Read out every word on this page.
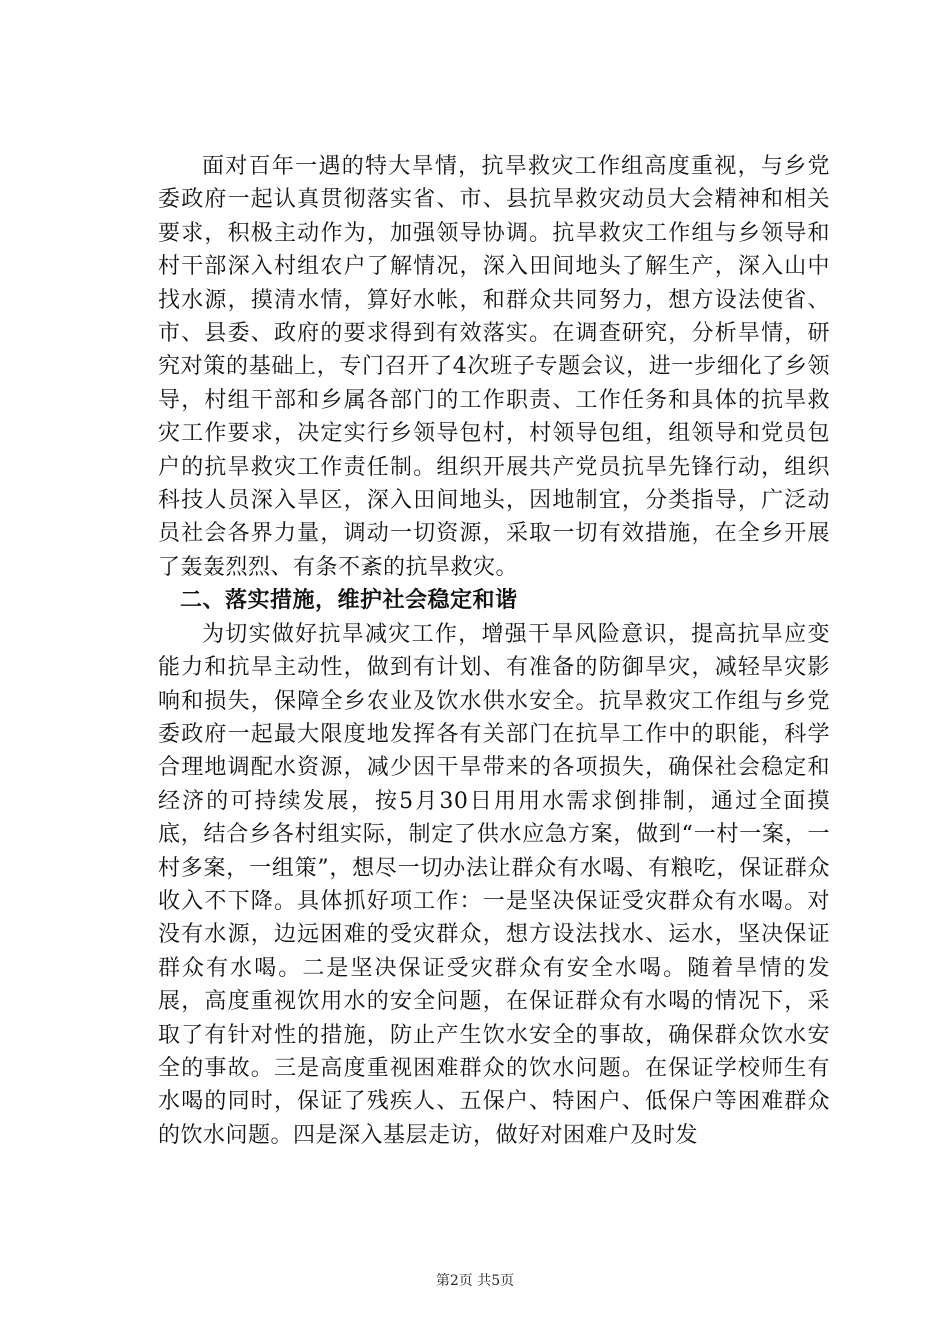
面对百年一遇的特大旱情，抗旱救灾工作组高度重视，与乡党委政府一起认真贯彻落实省、市、县抗旱救灾动员大会精神和相关要求，积极主动作为，加强领导协调。抗旱救灾工作组与乡领导和村干部深入村组农户了解情况，深入田间地头了解生产，深入山中找水源，摸清水情，算好水帐，和群众共同努力，想方设法使省、市、县委、政府的要求得到有效落实。在调查研究，分析旱情，研究对策的基础上，专门召开了4次班子专题会议，进一步细化了乡领导，村组干部和乡属各部门的工作职责、工作任务和具体的抗旱救灾工作要求，决定实行乡领导包村，村领导包组，组领导和党员包户的抗旱救灾工作责任制。组织开展共产党员抗旱先锋行动，组织科技人员深入旱区，深入田间地头，因地制宜，分类指导，广泛动员社会各界力量，调动一切资源，采取一切有效措施，在全乡开展了轰轰烈烈、有条不紊的抗旱救灾。

二、落实措施，维护社会稳定和谐

为切实做好抗旱减灾工作，增强干旱风险意识，提高抗旱应变能力和抗旱主动性，做到有计划、有准备的防御旱灾，减轻旱灾影响和损失，保障全乡农业及饮水供水安全。抗旱救灾工作组与乡党委政府一起最大限度地发挥各有关部门在抗旱工作中的职能，科学合理地调配水资源，减少因干旱带来的各项损失，确保社会稳定和经济的可持续发展，按5月30日用用水需求倒排制，通过全面摸底，结合乡各村组实际，制定了供水应急方案，做到“一村一案，一村多案，一组策”，想尽一切办法让群众有水喝、有粮吃，保证群众收入不下降。具体抓好项工作：一是坚决保证受灾群众有水喝。对没有水源，边远困难的受灾群众，想方设法找水、运水，坚决保证群众有水喝。二是坚决保证受灾群众有安全水喝。随着旱情的发展，高度重视饮用水的安全问题，在保证群众有水喝的情况下，采取了有针对性的措施，防止产生饮水安全的事故，确保群众饮水安全的事故。三是高度重视困难群众的饮水问题。在保证学校师生有水喝的同时，保证了残疾人、五保户、特困户、低保户等困难群众的饮水问题。四是深入基层走访，做好对困难户及时发

第2页 共5页
